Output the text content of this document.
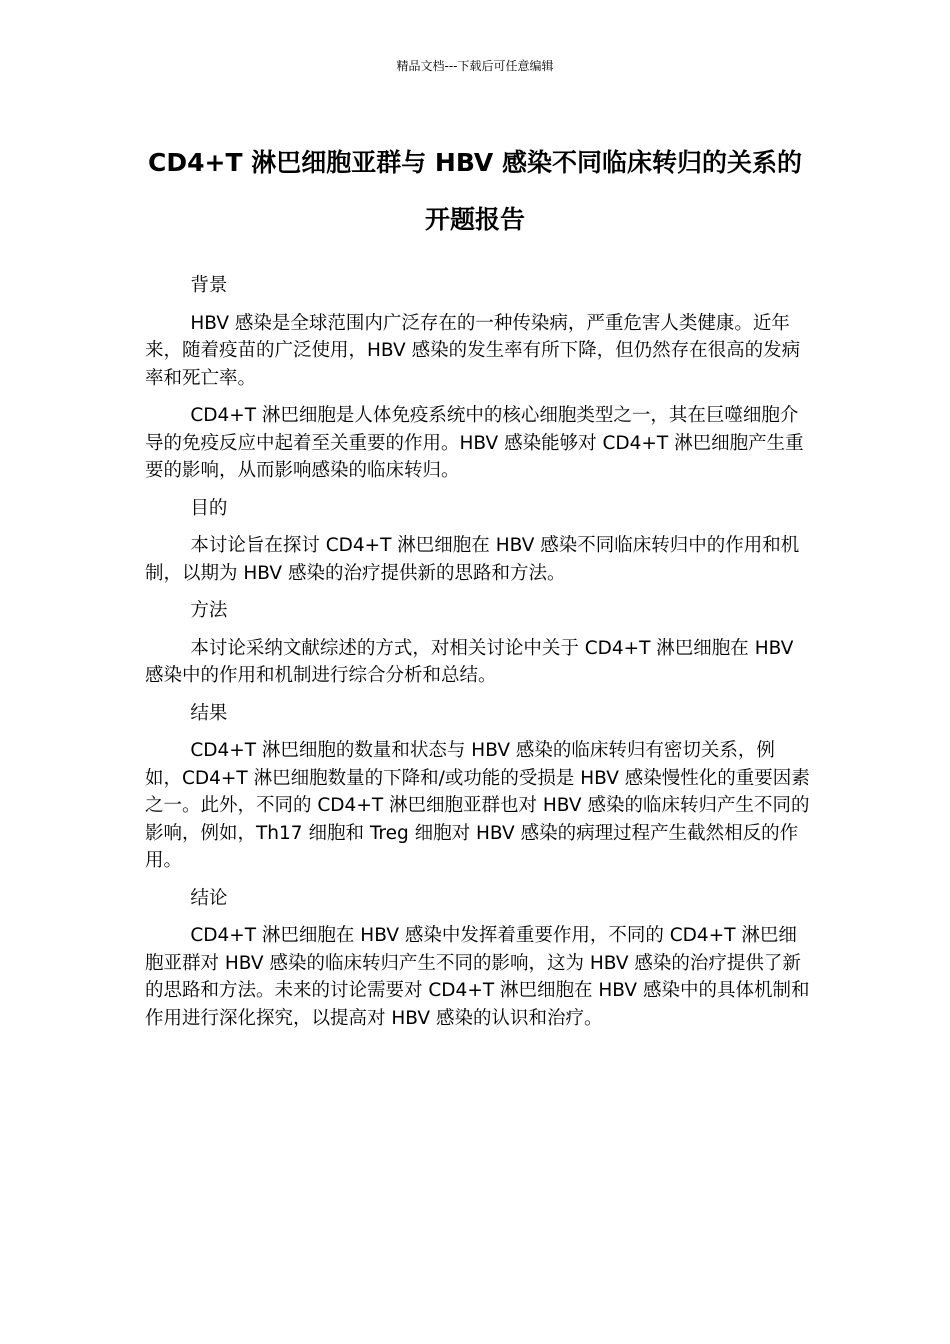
精品文档---下载后可任意编辑
CD4+T 淋巴细胞亚群与 HBV 感染不同临床转归的关系的开题报告

背景

HBV 感染是全球范围内广泛存在的一种传染病，严重危害人类健康。近年来，随着疫苗的广泛使用，HBV 感染的发生率有所下降，但仍然存在很高的发病率和死亡率。

CD4+T 淋巴细胞是人体免疫系统中的核心细胞类型之一，其在巨噬细胞介导的免疫反应中起着至关重要的作用。HBV 感染能够对 CD4+T 淋巴细胞产生重要的影响，从而影响感染的临床转归。

目的

本讨论旨在探讨 CD4+T 淋巴细胞在 HBV 感染不同临床转归中的作用和机制，以期为 HBV 感染的治疗提供新的思路和方法。

方法

本讨论采纳文献综述的方式，对相关讨论中关于 CD4+T 淋巴细胞在 HBV 感染中的作用和机制进行综合分析和总结。

结果

CD4+T 淋巴细胞的数量和状态与 HBV 感染的临床转归有密切关系，例如，CD4+T 淋巴细胞数量的下降和/或功能的受损是 HBV 感染慢性化的重要因素之一。此外，不同的 CD4+T 淋巴细胞亚群也对 HBV 感染的临床转归产生不同的影响，例如，Th17 细胞和 Treg 细胞对 HBV 感染的病理过程产生截然相反的作用。

结论

CD4+T 淋巴细胞在 HBV 感染中发挥着重要作用，不同的 CD4+T 淋巴细胞亚群对 HBV 感染的临床转归产生不同的影响，这为 HBV 感染的治疗提供了新的思路和方法。未来的讨论需要对 CD4+T 淋巴细胞在 HBV 感染中的具体机制和作用进行深化探究，以提高对 HBV 感染的认识和治疗。
